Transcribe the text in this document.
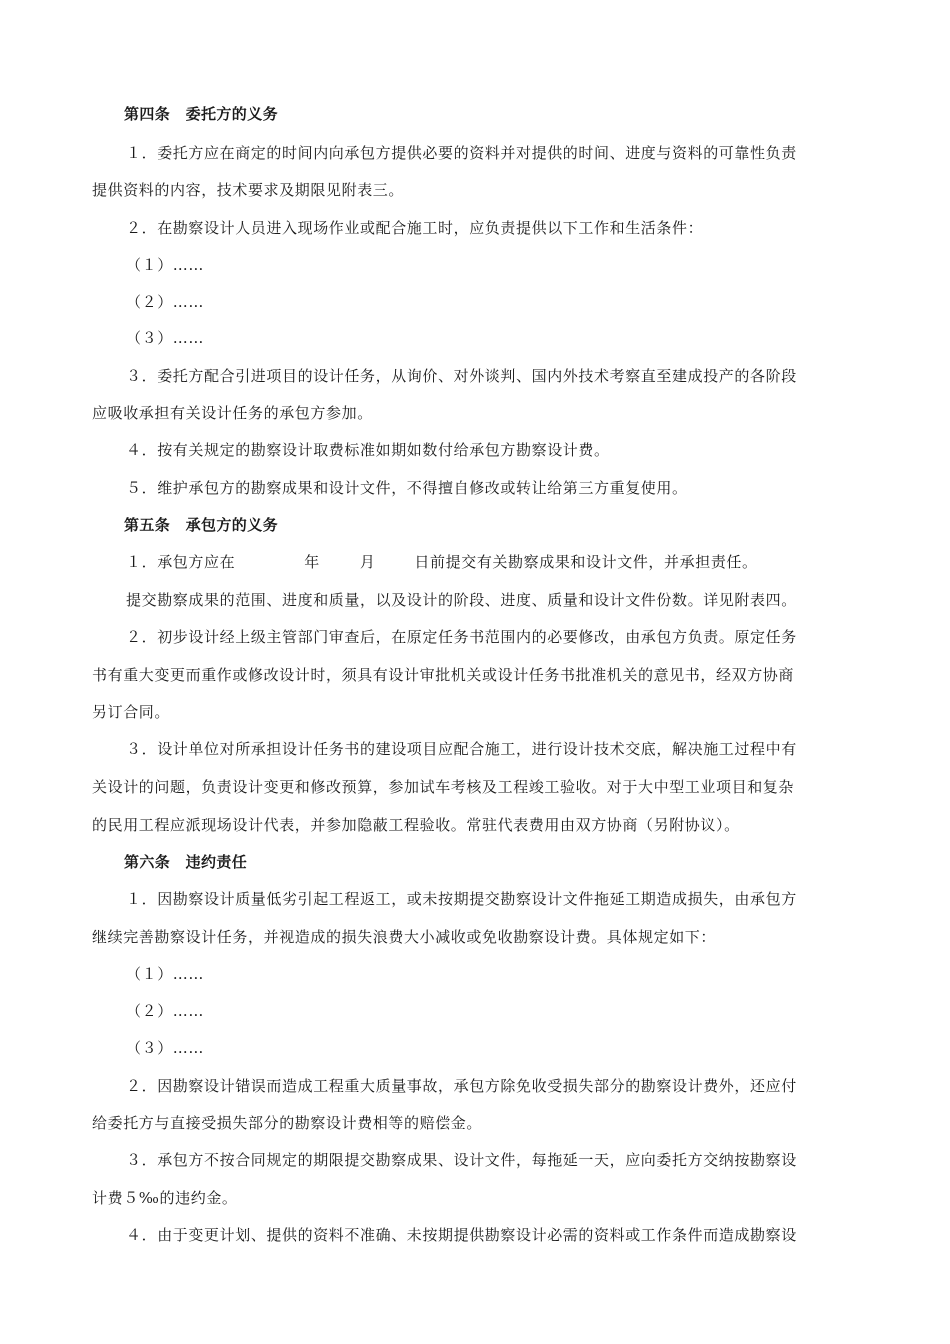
第四条　委托方的义务
１．委托方应在商定的时间内向承包方提供必要的资料并对提供的时间、进度与资料的可靠性负责
提供资料的内容，技术要求及期限见附表三。
２．在勘察设计人员进入现场作业或配合施工时，应负责提供以下工作和生活条件：
（１）……
（２）……
（３）……
３．委托方配合引进项目的设计任务，从询价、对外谈判、国内外技术考察直至建成投产的各阶段
应吸收承担有关设计任务的承包方参加。
４．按有关规定的勘察设计取费标准如期如数付给承包方勘察设计费。
５．维护承包方的勘察成果和设计文件，不得擅自修改或转让给第三方重复使用。
第五条　承包方的义务
１．承包方应在	年	月	日前提交有关勘察成果和设计文件，并承担责任。
提交勘察成果的范围、进度和质量，以及设计的阶段、进度、质量和设计文件份数。详见附表四。
２．初步设计经上级主管部门审查后，在原定任务书范围内的必要修改，由承包方负责。原定任务
书有重大变更而重作或修改设计时，须具有设计审批机关或设计任务书批准机关的意见书，经双方协商
另订合同。
３．设计单位对所承担设计任务书的建设项目应配合施工，进行设计技术交底，解决施工过程中有
关设计的问题，负责设计变更和修改预算，参加试车考核及工程竣工验收。对于大中型工业项目和复杂
的民用工程应派现场设计代表，并参加隐蔽工程验收。常驻代表费用由双方协商（另附协议）。
第六条　违约责任
１．因勘察设计质量低劣引起工程返工，或未按期提交勘察设计文件拖延工期造成损失，由承包方
继续完善勘察设计任务，并视造成的损失浪费大小减收或免收勘察设计费。具体规定如下：
（１）……
（２）……
（３）……
２．因勘察设计错误而造成工程重大质量事故，承包方除免收受损失部分的勘察设计费外，还应付
给委托方与直接受损失部分的勘察设计费相等的赔偿金。
３．承包方不按合同规定的期限提交勘察成果、设计文件，每拖延一天，应向委托方交纳按勘察设
计费５‰的违约金。
４．由于变更计划、提供的资料不准确、未按期提供勘察设计必需的资料或工作条件而造成勘察设
